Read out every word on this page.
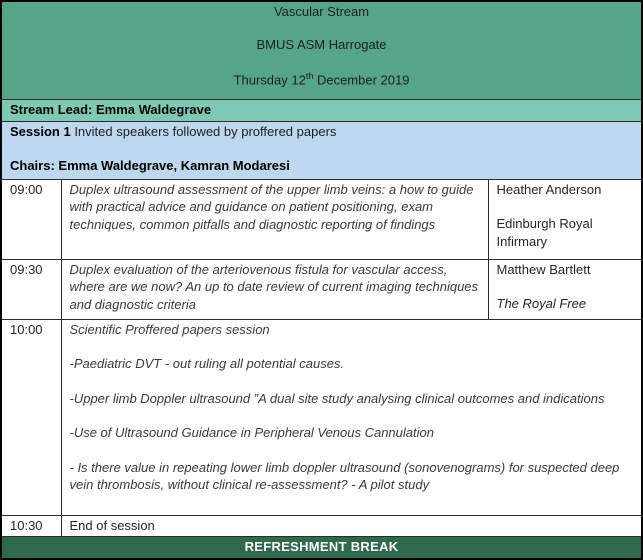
Vascular Stream
BMUS ASM Harrogate
Thursday 12th December 2019		

Stream Lead: Emma Waldegrave		

Session 1 Invited speakers followed by proffered papers
Chairs: Emma Waldegrave, Kamran Modaresi		

09:00	Duplex ultrasound assessment of the upper limb veins: a how to guide with practical advice and guidance on patient positioning, exam techniques, common pitfalls and diagnostic reporting of findings	Heather Anderson
Edinburgh Royal Infirmary

09:30	Duplex evaluation of the arteriovenous fistula for vascular access, where are we now? An up to date review of current imaging techniques and diagnostic criteria	Matthew Bartlett
The Royal Free

10:00	Scientific Proffered papers session

-Paediatric DVT - out ruling all potential causes.

-Upper limb Doppler ultrasound ”A dual site study analysing clinical outcomes and indications

-Use of Ultrasound Guidance in Peripheral Venous Cannulation

- Is there value in repeating lower limb doppler ultrasound (sonovenograms) for suspected deep vein thrombosis, without clinical re-assessment? - A pilot study	

10:30	End of session	
REFRESHMENT BREAK		
